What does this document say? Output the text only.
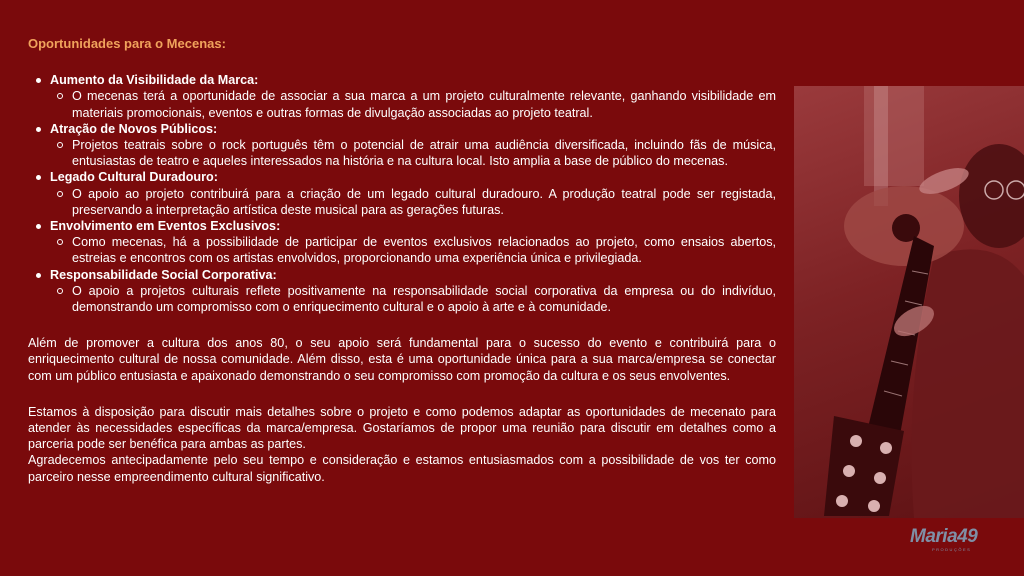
Oportunidades para o Mecenas:
Aumento da Visibilidade da Marca:
O mecenas terá a oportunidade de associar a sua marca a um projeto culturalmente relevante, ganhando visibilidade em materiais promocionais, eventos e outras formas de divulgação associadas ao projeto teatral.
Atração de Novos Públicos:
Projetos teatrais sobre o rock português têm o potencial de atrair uma audiência diversificada, incluindo fãs de música, entusiastas de teatro e aqueles interessados na história e na cultura local. Isto amplia a base de público do mecenas.
Legado Cultural Duradouro:
O apoio ao projeto contribuirá para a criação de um legado cultural duradouro. A produção teatral pode ser registada, preservando a interpretação artística deste musical para as gerações futuras.
Envolvimento em Eventos Exclusivos:
Como mecenas, há a possibilidade de participar de eventos exclusivos relacionados ao projeto, como ensaios abertos, estreias e encontros com os artistas envolvidos, proporcionando uma experiência única e privilegiada.
Responsabilidade Social Corporativa:
O apoio a projetos culturais reflete positivamente na responsabilidade social corporativa da empresa ou do indivíduo, demonstrando um compromisso com o enriquecimento cultural e o apoio à arte e à comunidade.

Além de promover a cultura dos anos 80, o seu apoio será fundamental para o sucesso do evento e contribuirá para o enriquecimento cultural de nossa comunidade. Além disso, esta é uma oportunidade única para a sua marca/empresa se conectar com um público entusiasta e apaixonado demonstrando o seu compromisso com promoção da cultura e os seus envolventes.

Estamos à disposição para discutir mais detalhes sobre o projeto e como podemos adaptar as oportunidades de mecenato para atender às necessidades específicas da marca/empresa. Gostaríamos de propor uma reunião para discutir em detalhes como a parceria pode ser benéfica para ambas as partes.

Agradecemos antecipadamente pelo seu tempo e consideração e estamos entusiasmados com a possibilidade de vos ter como parceiro nesse empreendimento cultural significativo.

Maria49
PRODUÇÕES
